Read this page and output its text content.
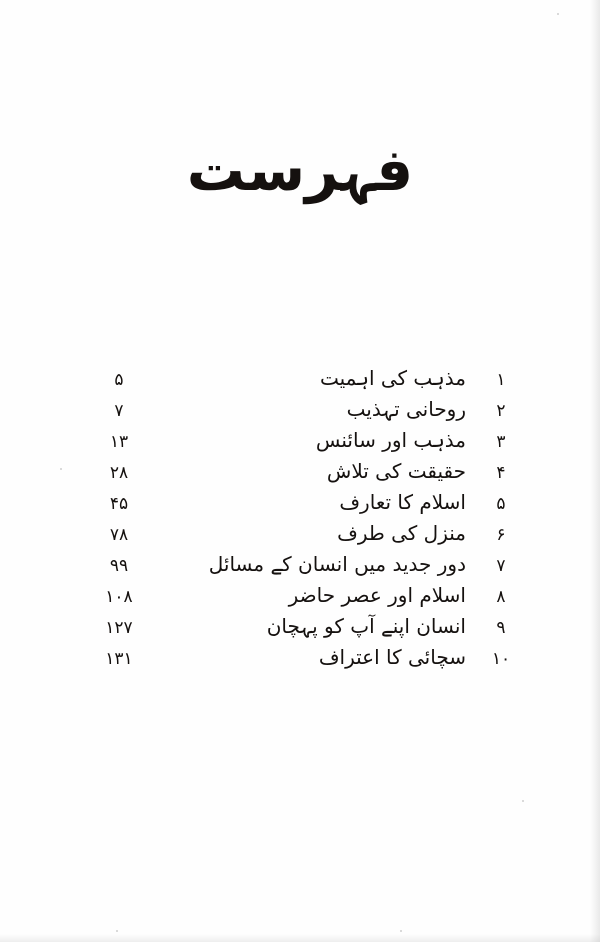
فہرست
۱
مذہب کی اہمیت
۵
۲
روحانی تہذیب
۷
۳
مذہب اور سائنس
۱۳
۴
حقیقت کی تلاش
۲۸
۵
اسلام کا تعارف
۴۵
۶
منزل کی طرف
۷۸
۷
دور جدید میں انسان کے مسائل
۹۹
۸
اسلام اور عصر حاضر
۱۰۸
۹
انسان اپنے آپ کو پہچان
۱۲۷
۱۰
سچائی کا اعتراف
۱۳۱
